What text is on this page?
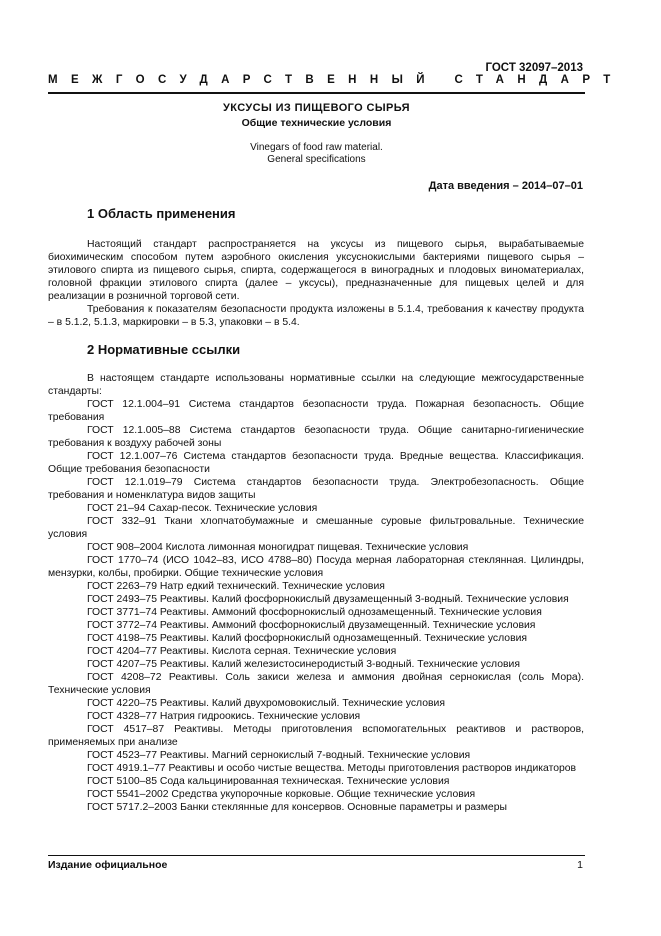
ГОСТ 32097–2013
МЕЖГОСУДАРСТВЕННЫЙ СТАНДАРТ
УКСУСЫ ИЗ ПИЩЕВОГО СЫРЬЯ
Общие технические условия
Vinegars of food raw material.
General specifications
Дата введения – 2014–07–01
1 Область применения

Настоящий стандарт распространяется на уксусы из пищевого сырья, вырабатываемые биохимическим способом путем аэробного окисления уксуснокислыми бактериями пищевого сырья – этилового спирта из пищевого сырья, спирта, содержащегося в виноградных и плодовых виноматериалах, головной фракции этилового спирта (далее – уксусы), предназначенные для пищевых целей и для реализации в розничной торговой сети.

Требования к показателям безопасности продукта изложены в 5.1.4, требования к качеству продукта – в 5.1.2, 5.1.3, маркировки – в 5.3, упаковки – в 5.4.

2 Нормативные ссылки

В настоящем стандарте использованы нормативные ссылки на следующие межгосударственные стандарты:

ГОСТ 12.1.004–91 Система стандартов безопасности труда. Пожарная безопасность. Общие требования

ГОСТ 12.1.005–88 Система стандартов безопасности труда. Общие санитарно-гигиенические требования к воздуху рабочей зоны

ГОСТ 12.1.007–76 Система стандартов безопасности труда. Вредные вещества. Классификация. Общие требования безопасности

ГОСТ 12.1.019–79 Система стандартов безопасности труда. Электробезопасность. Общие требования и номенклатура видов защиты

ГОСТ 21–94 Сахар-песок. Технические условия

ГОСТ 332–91 Ткани хлопчатобумажные и смешанные суровые фильтровальные. Технические условия

ГОСТ 908–2004 Кислота лимонная моногидрат пищевая. Технические условия

ГОСТ 1770–74 (ИСО 1042–83, ИСО 4788–80) Посуда мерная лабораторная стеклянная. Цилиндры, мензурки, колбы, пробирки. Общие технические условия

ГОСТ 2263–79 Натр едкий технический. Технические условия

ГОСТ 2493–75 Реактивы. Калий фосфорнокислый двузамещенный 3-водный. Технические условия

ГОСТ 3771–74 Реактивы. Аммоний фосфорнокислый однозамещенный. Технические условия

ГОСТ 3772–74 Реактивы. Аммоний фосфорнокислый двузамещенный. Технические условия

ГОСТ 4198–75 Реактивы. Калий фосфорнокислый однозамещенный. Технические условия

ГОСТ 4204–77 Реактивы. Кислота серная. Технические условия

ГОСТ 4207–75 Реактивы. Калий железистосинеродистый 3-водный. Технические условия

ГОСТ 4208–72 Реактивы. Соль закиси железа и аммония двойная сернокислая (соль Мора). Технические условия

ГОСТ 4220–75 Реактивы. Калий двухромовокислый. Технические условия

ГОСТ 4328–77 Натрия гидроокись. Технические условия

ГОСТ 4517–87 Реактивы. Методы приготовления вспомогательных реактивов и растворов, применяемых при анализе

ГОСТ 4523–77 Реактивы. Магний сернокислый 7-водный. Технические условия

ГОСТ 4919.1–77 Реактивы и особо чистые вещества. Методы приготовления растворов индикаторов

ГОСТ 5100–85 Сода кальцинированная техническая. Технические условия

ГОСТ 5541–2002 Средства укупорочные корковые. Общие технические условия

ГОСТ 5717.2–2003 Банки стеклянные для консервов. Основные параметры и размеры

Издание официальное	1
